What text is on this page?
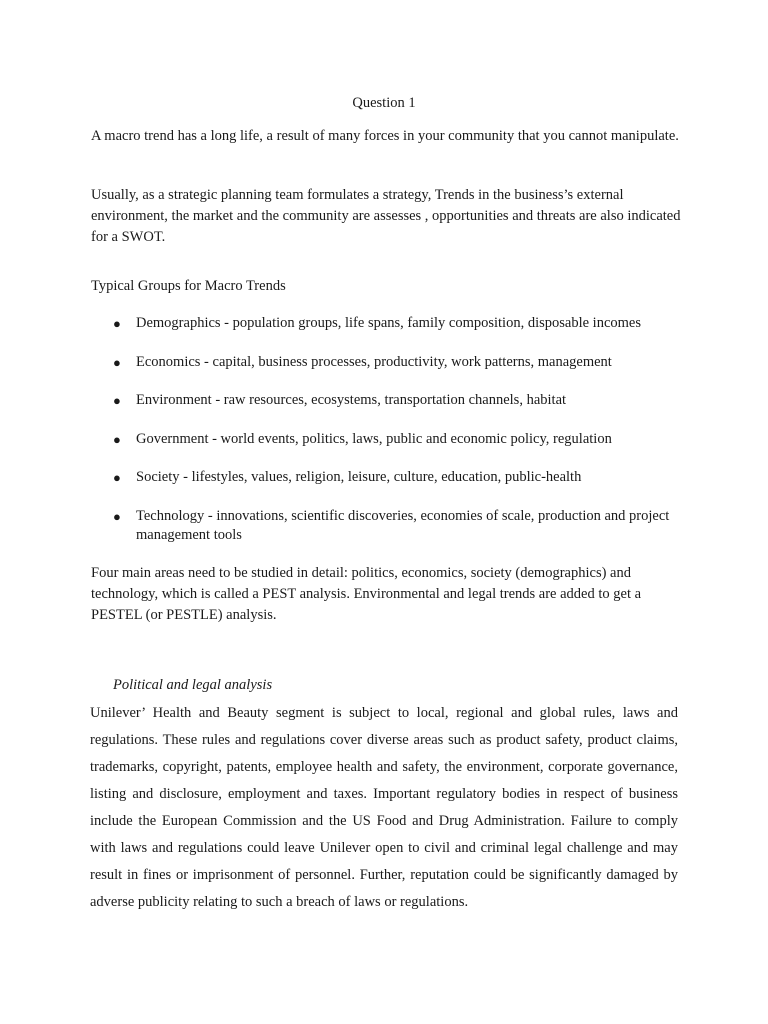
Question 1

A macro trend has a long life, a result of many forces in your community that you cannot manipulate.

Usually, as a strategic planning team formulates a strategy, Trends in the business’s external environment, the market and the community are assesses , opportunities and threats are also indicated for a SWOT.

Typical Groups for Macro Trends

● Demographics - population groups, life spans, family composition, disposable incomes
● Economics - capital, business processes, productivity, work patterns, management
● Environment - raw resources, ecosystems, transportation channels, habitat
● Government - world events, politics, laws, public and economic policy, regulation
● Society - lifestyles, values, religion, leisure, culture, education, public-health
● Technology - innovations, scientific discoveries, economies of scale, production and project management tools

Four main areas need to be studied in detail: politics, economics, society (demographics) and technology, which is called a PEST analysis. Environmental and legal trends are added to get a PESTEL (or PESTLE) analysis.

Political and legal analysis

Unilever’ Health and Beauty segment is subject to local, regional and global rules, laws and regulations. These rules and regulations cover diverse areas such as product safety, product claims, trademarks, copyright, patents, employee health and safety, the environment, corporate governance, listing and disclosure, employment and taxes. Important regulatory bodies in respect of business include the European Commission and the US Food and Drug Administration. Failure to comply with laws and regulations could leave Unilever open to civil and criminal legal challenge and may result in fines or imprisonment of personnel. Further, reputation could be significantly damaged by adverse publicity relating to such a breach of laws or regulations.
